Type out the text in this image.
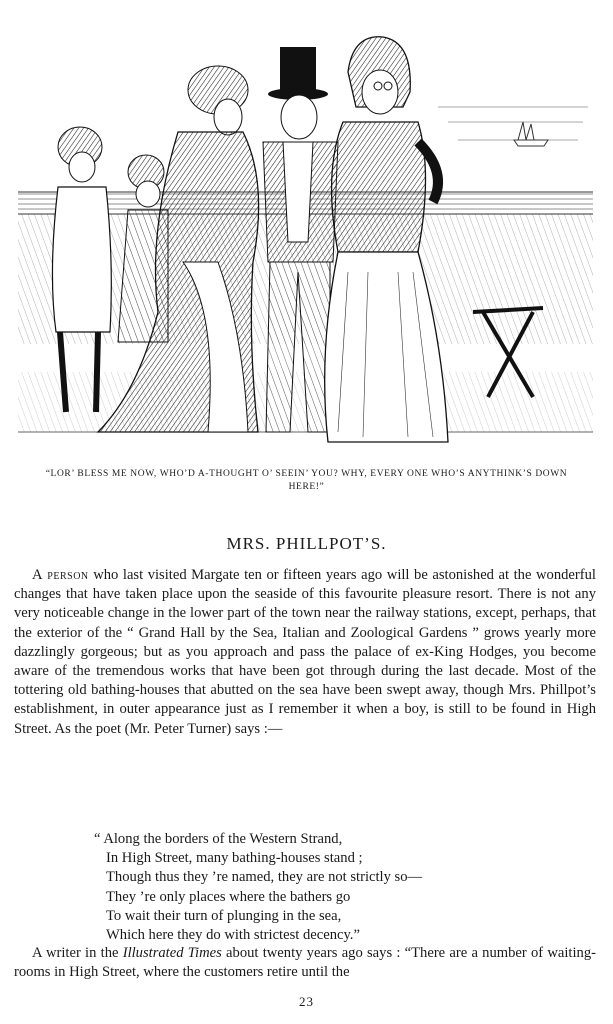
“LOR’ BLESS ME NOW, WHO’D A-THOUGHT O’ SEEIN’ YOU? WHY, EVERY ONE WHO’S ANYTHINK’S DOWN HERE!”
MRS. PHILLPOT’S.

A person who last visited Margate ten or fifteen years ago will be astonished at the wonderful changes that have taken place upon the seaside of this favourite pleasure resort. There is not any very noticeable change in the lower part of the town near the railway stations, except, perhaps, that the exterior of the “ Grand Hall by the Sea, Italian and Zoological Gardens ” grows yearly more dazzlingly gorgeous; but as you approach and pass the palace of ex-King Hodges, you become aware of the tremendous works that have been got through during the last decade. Most of the tottering old bathing-houses that abutted on the sea have been swept away, though Mrs. Phillpot’s establishment, in outer appearance just as I remember it when a boy, is still to be found in High Street. As the poet (Mr. Peter Turner) says :—

“ Along the borders of the Western Strand,
In High Street, many bathing-houses stand ;
Though thus they ’re named, they are not strictly so—
They ’re only places where the bathers go
To wait their turn of plunging in the sea,
Which here they do with strictest decency.”

A writer in the Illustrated Times about twenty years ago says : “There are a number of waiting-rooms in High Street, where the customers retire until the

23
